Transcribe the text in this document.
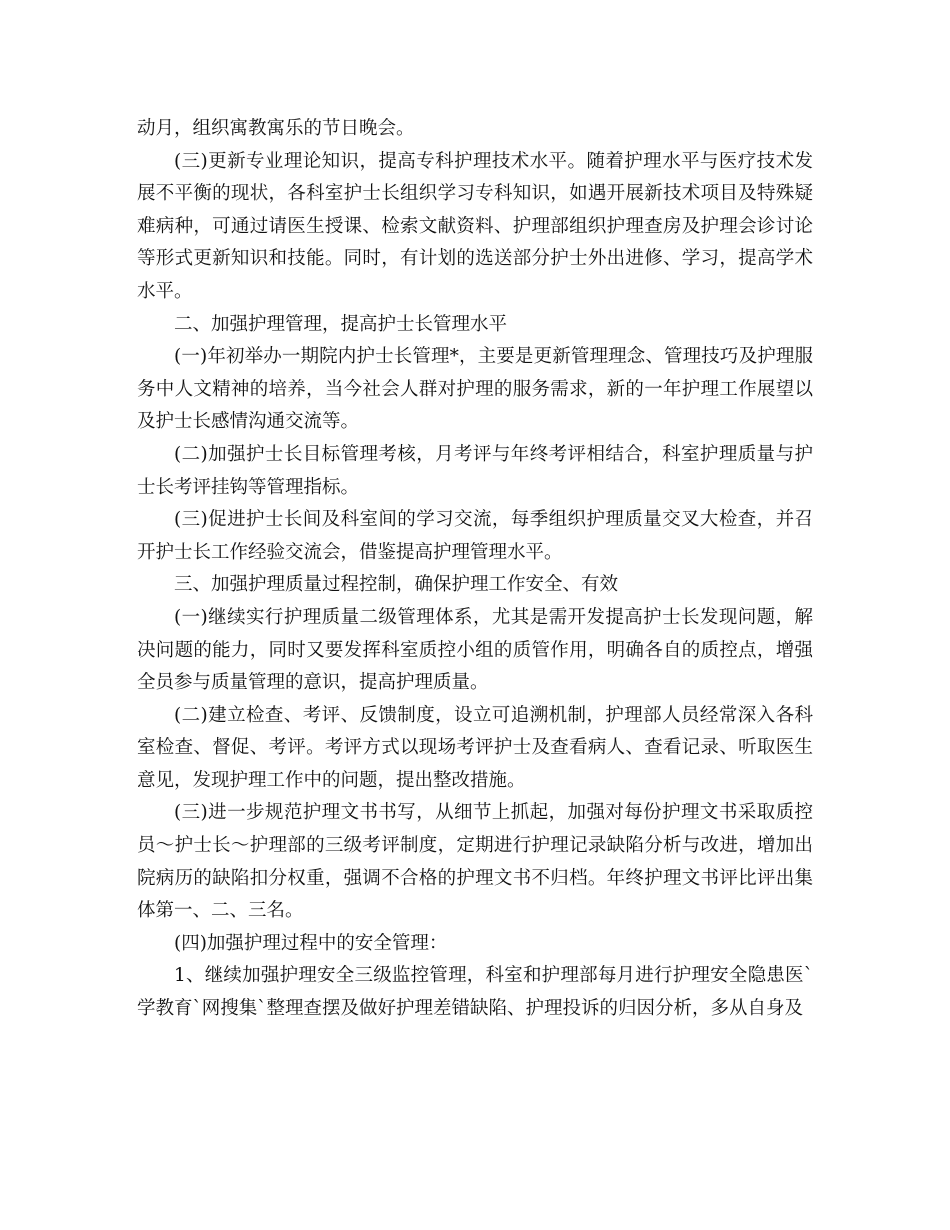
动月，组织寓教寓乐的节日晚会。

(三)更新专业理论知识，提高专科护理技术水平。随着护理水平与医疗技术发展不平衡的现状，各科室护士长组织学习专科知识，如遇开展新技术项目及特殊疑难病种，可通过请医生授课、检索文献资料、护理部组织护理查房及护理会诊讨论等形式更新知识和技能。同时，有计划的选送部分护士外出进修、学习，提高学术水平。

二、加强护理管理，提高护士长管理水平

(一)年初举办一期院内护士长管理*，主要是更新管理理念、管理技巧及护理服务中人文精神的培养，当今社会人群对护理的服务需求，新的一年护理工作展望以及护士长感情沟通交流等。

(二)加强护士长目标管理考核，月考评与年终考评相结合，科室护理质量与护士长考评挂钩等管理指标。

(三)促进护士长间及科室间的学习交流，每季组织护理质量交叉大检查，并召开护士长工作经验交流会，借鉴提高护理管理水平。

三、加强护理质量过程控制，确保护理工作安全、有效

(一)继续实行护理质量二级管理体系，尤其是需开发提高护士长发现问题，解决问题的能力，同时又要发挥科室质控小组的质管作用，明确各自的质控点，增强全员参与质量管理的意识，提高护理质量。

(二)建立检查、考评、反馈制度，设立可追溯机制，护理部人员经常深入各科室检查、督促、考评。考评方式以现场考评护士及查看病人、查看记录、听取医生意见，发现护理工作中的问题，提出整改措施。

(三)进一步规范护理文书书写，从细节上抓起，加强对每份护理文书采取质控员～护士长～护理部的三级考评制度，定期进行护理记录缺陷分析与改进，增加出院病历的缺陷扣分权重，强调不合格的护理文书不归档。年终护理文书评比评出集体第一、二、三名。

(四)加强护理过程中的安全管理：

1、继续加强护理安全三级监控管理，科室和护理部每月进行护理安全隐患医`学教育`网搜集`整理查摆及做好护理差错缺陷、护理投诉的归因分析，多从自身及
